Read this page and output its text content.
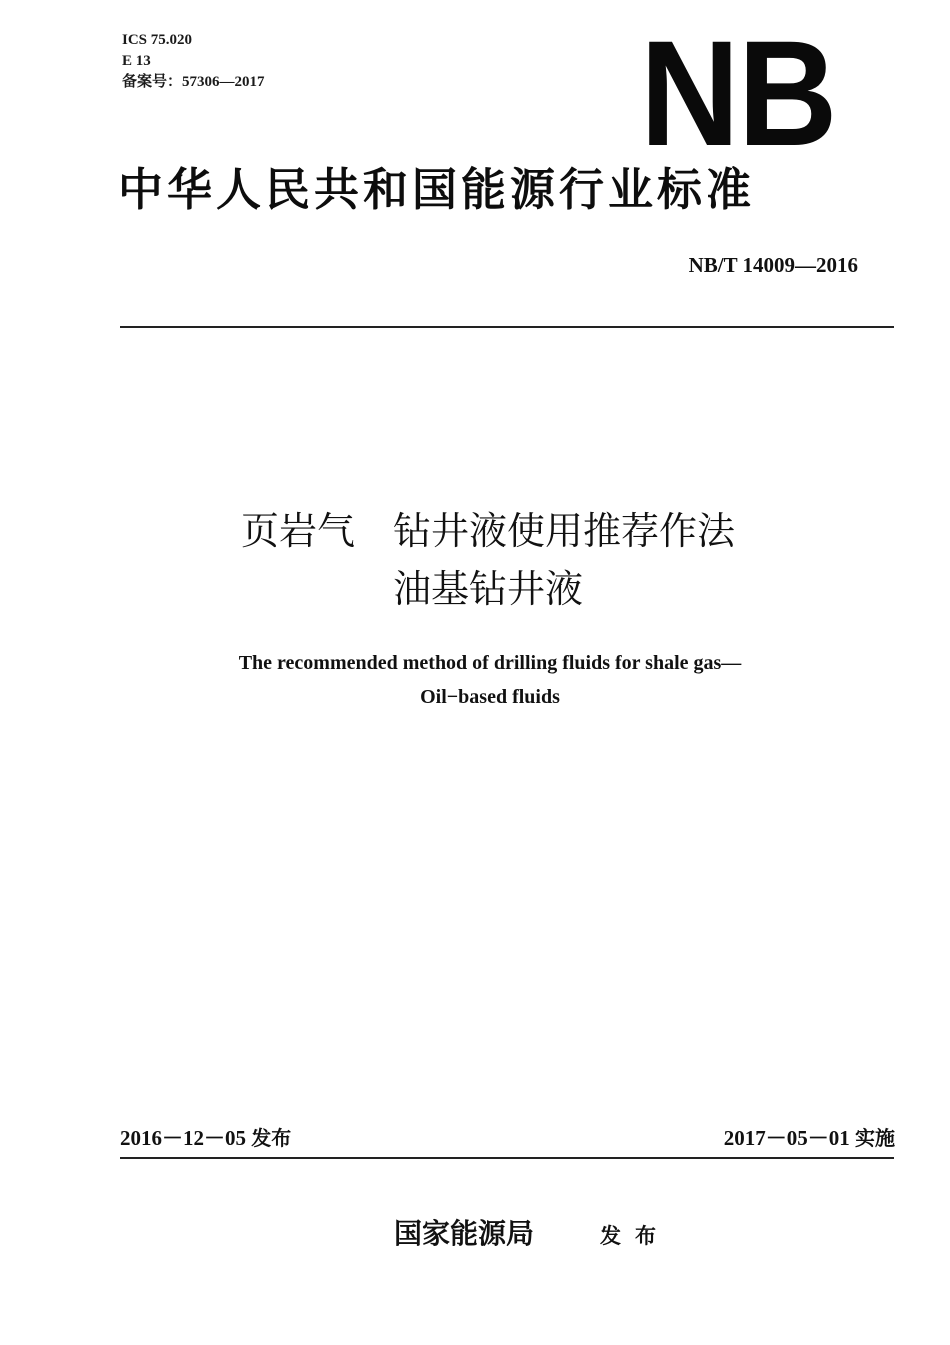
ICS 75.020
E 13
备案号：57306—2017	NB
中华人民共和国能源行业标准
NB/T 14009—2016
页岩气　钻井液使用推荐作法
油基钻井液
The recommended method of drilling fluids for shale gas—
Oil−based fluids
2016－12－05 发布	2017－05－01 实施
国家能源局	发布
